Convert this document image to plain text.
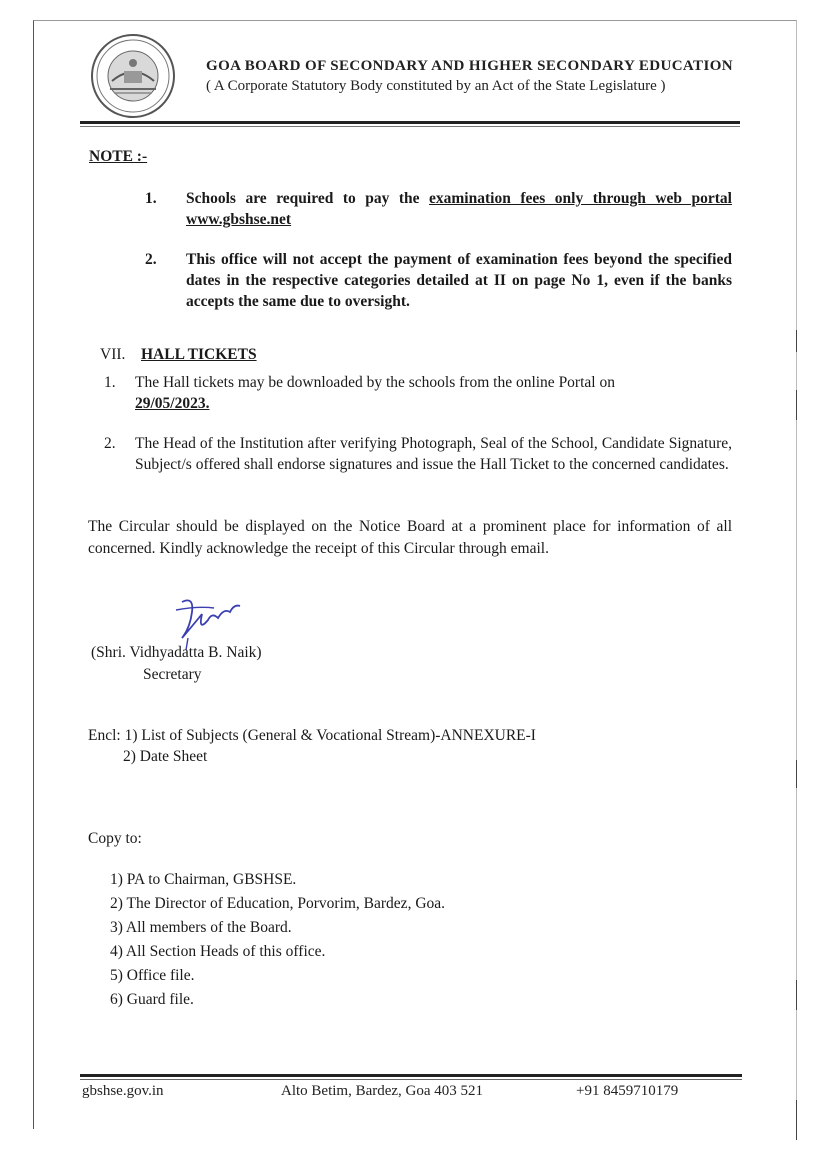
GOA BOARD OF SECONDARY AND HIGHER SECONDARY EDUCATION
( A Corporate Statutory Body constituted by an Act of the State Legislature )
NOTE :-
1. Schools are required to pay the examination fees only through web portal www.gbshse.net
2. This office will not accept the payment of examination fees beyond the specified dates in the respective categories detailed at II on page No 1, even if the banks accepts the same due to oversight.
VII. HALL TICKETS
1. The Hall tickets may be downloaded by the schools from the online Portal on
29/05/2023.
2. The Head of the Institution after verifying Photograph, Seal of the School, Candidate Signature, Subject/s offered shall endorse signatures and issue the Hall Ticket to the concerned candidates.
The Circular should be displayed on the Notice Board at a prominent place for information of all concerned. Kindly acknowledge the receipt of this Circular through email.
(Shri. Vidhyadatta B. Naik)
Secretary
Encl: 1) List of Subjects (General & Vocational Stream)-ANNEXURE-I
2) Date Sheet
Copy to:
1) PA to Chairman, GBSHSE.
2) The Director of Education, Porvorim, Bardez, Goa.
3) All members of the Board.
4) All Section Heads of this office.
5) Office file.
6) Guard file.
gbshse.gov.in	Alto Betim, Bardez, Goa 403 521	+91 8459710179
